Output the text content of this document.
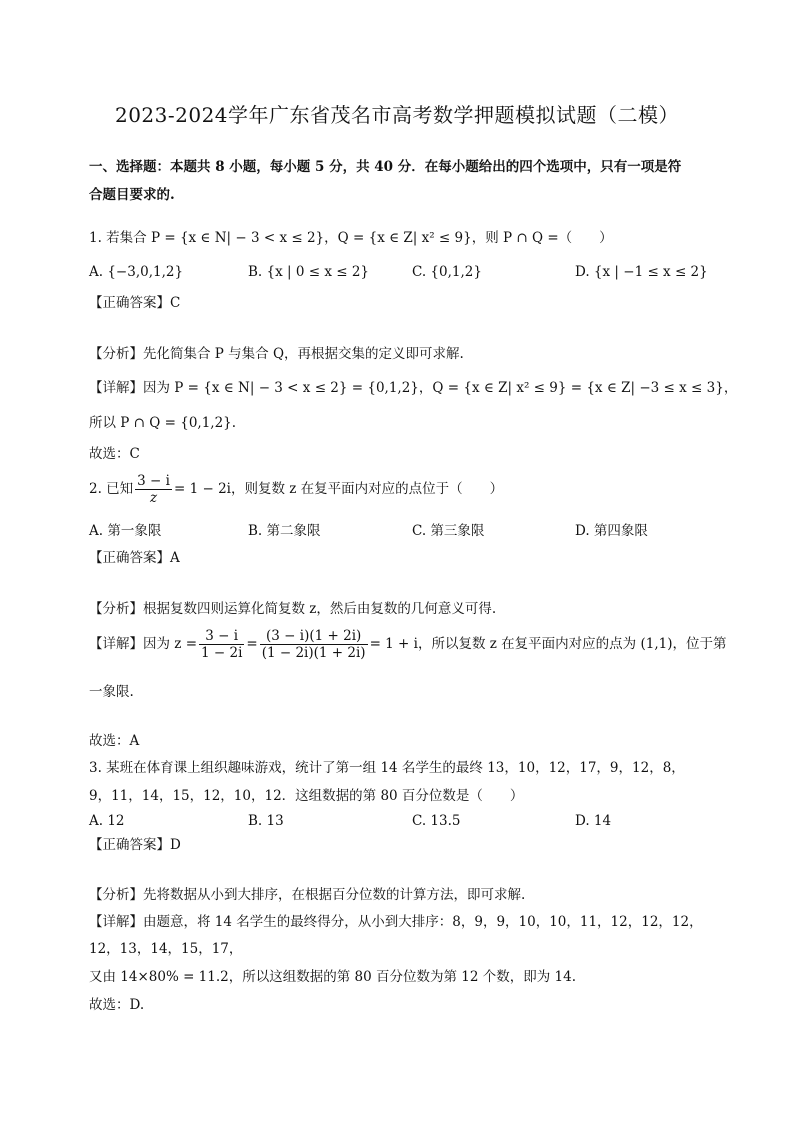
2023-2024学年广东省茂名市高考数学押题模拟试题（二模）
一、选择题：本题共 8 小题，每小题 5 分，共 40 分．在每小题给出的四个选项中，只有一项是符
合题目要求的.
1. 若集合 P = {x ∈ N| − 3 < x ≤ 2}，Q = {x ∈ Z| x² ≤ 9}，则 P ∩ Q =（　　）
A. {−3,0,1,2}	B. {x | 0 ≤ x ≤ 2}	C. {0,1,2}	D. {x | −1 ≤ x ≤ 2}
【正确答案】C
【分析】先化简集合 P 与集合 Q，再根据交集的定义即可求解.
【详解】因为 P = {x ∈ N| − 3 < x ≤ 2} = {0,1,2}，Q = {x ∈ Z| x² ≤ 9} = {x ∈ Z| −3 ≤ x ≤ 3}，
所以 P ∩ Q = {0,1,2}.
故选：C
2. 已知 $\frac{3 - i}{z} = 1 - 2i$，则复数 z 在复平面内对应的点位于（　　）
A. 第一象限	B. 第二象限	C. 第三象限	D. 第四象限
【正确答案】A
【分析】根据复数四则运算化简复数 z，然后由复数的几何意义可得.
【详解】因为 $z = \frac{3 - i}{1 - 2i} = \frac{(3 - i)(1 + 2i)}{(1 - 2i)(1 + 2i)} = 1 + i$，所以复数 z 在复平面内对应的点为 (1,1)，位于第
一象限.
故选：A
3. 某班在体育课上组织趣味游戏，统计了第一组 14 名学生的最终 13，10，12，17，9，12，8，
9，11，14，15，12，10，12．这组数据的第 80 百分位数是（　　）
A. 12	B. 13	C. 13.5	D. 14
【正确答案】D
【分析】先将数据从小到大排序，在根据百分位数的计算方法，即可求解.
【详解】由题意，将 14 名学生的最终得分，从小到大排序：8，9，9，10，10，11，12，12，12，
12，13，14，15，17，
又由 14×80% = 11.2，所以这组数据的第 80 百分位数为第 12 个数，即为 14.
故选：D.
